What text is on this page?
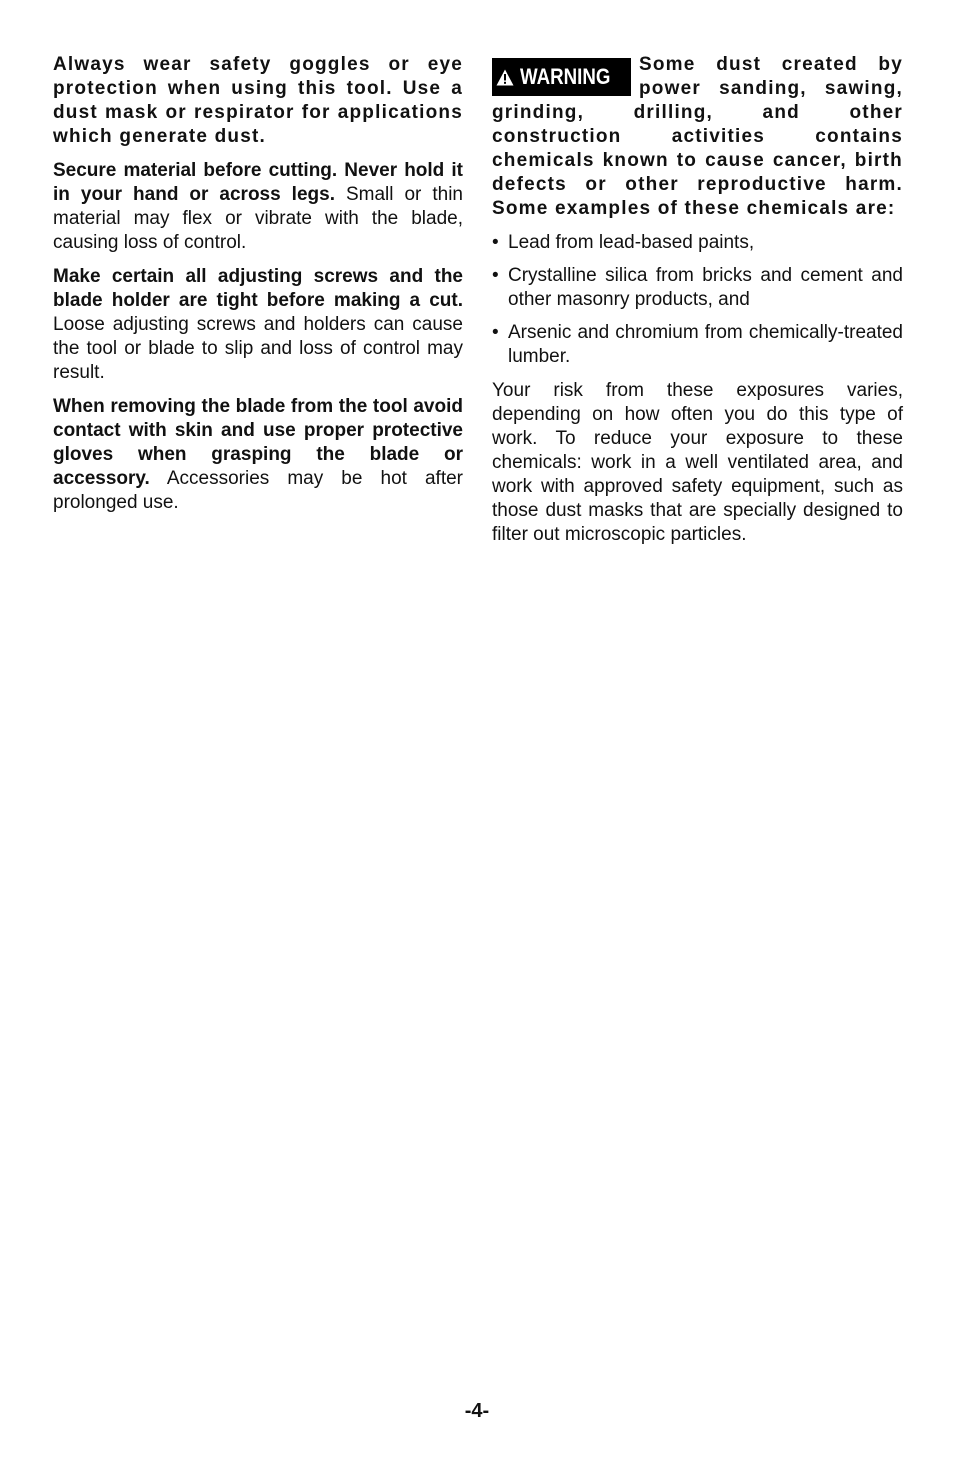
Always wear safety goggles or eye protection when using this tool. Use a dust mask or respirator for applications which generate dust.

Secure material before cutting. Never hold it in your hand or across legs. Small or thin material may flex or vibrate with the blade, causing loss of control.

Make certain all adjusting screws and the blade holder are tight before making a cut. Loose adjusting screws and holders can cause the tool or blade to slip and loss of control may result.

When removing the blade from the tool avoid contact with skin and use proper protective gloves when grasping the blade or accessory. Accessories may be hot after prolonged use.

WARNING Some dust created by power sanding, sawing, grinding, drilling, and other construction activities contains chemicals known to cause cancer, birth defects or other reproductive harm. Some examples of these chemicals are:

• Lead from lead-based paints,
• Crystalline silica from bricks and cement and other masonry products, and
• Arsenic and chromium from chemically-treated lumber.

Your risk from these exposures varies, depending on how often you do this type of work. To reduce your exposure to these chemicals: work in a well ventilated area, and work with approved safety equipment, such as those dust masks that are specially designed to filter out microscopic particles.

-4-
